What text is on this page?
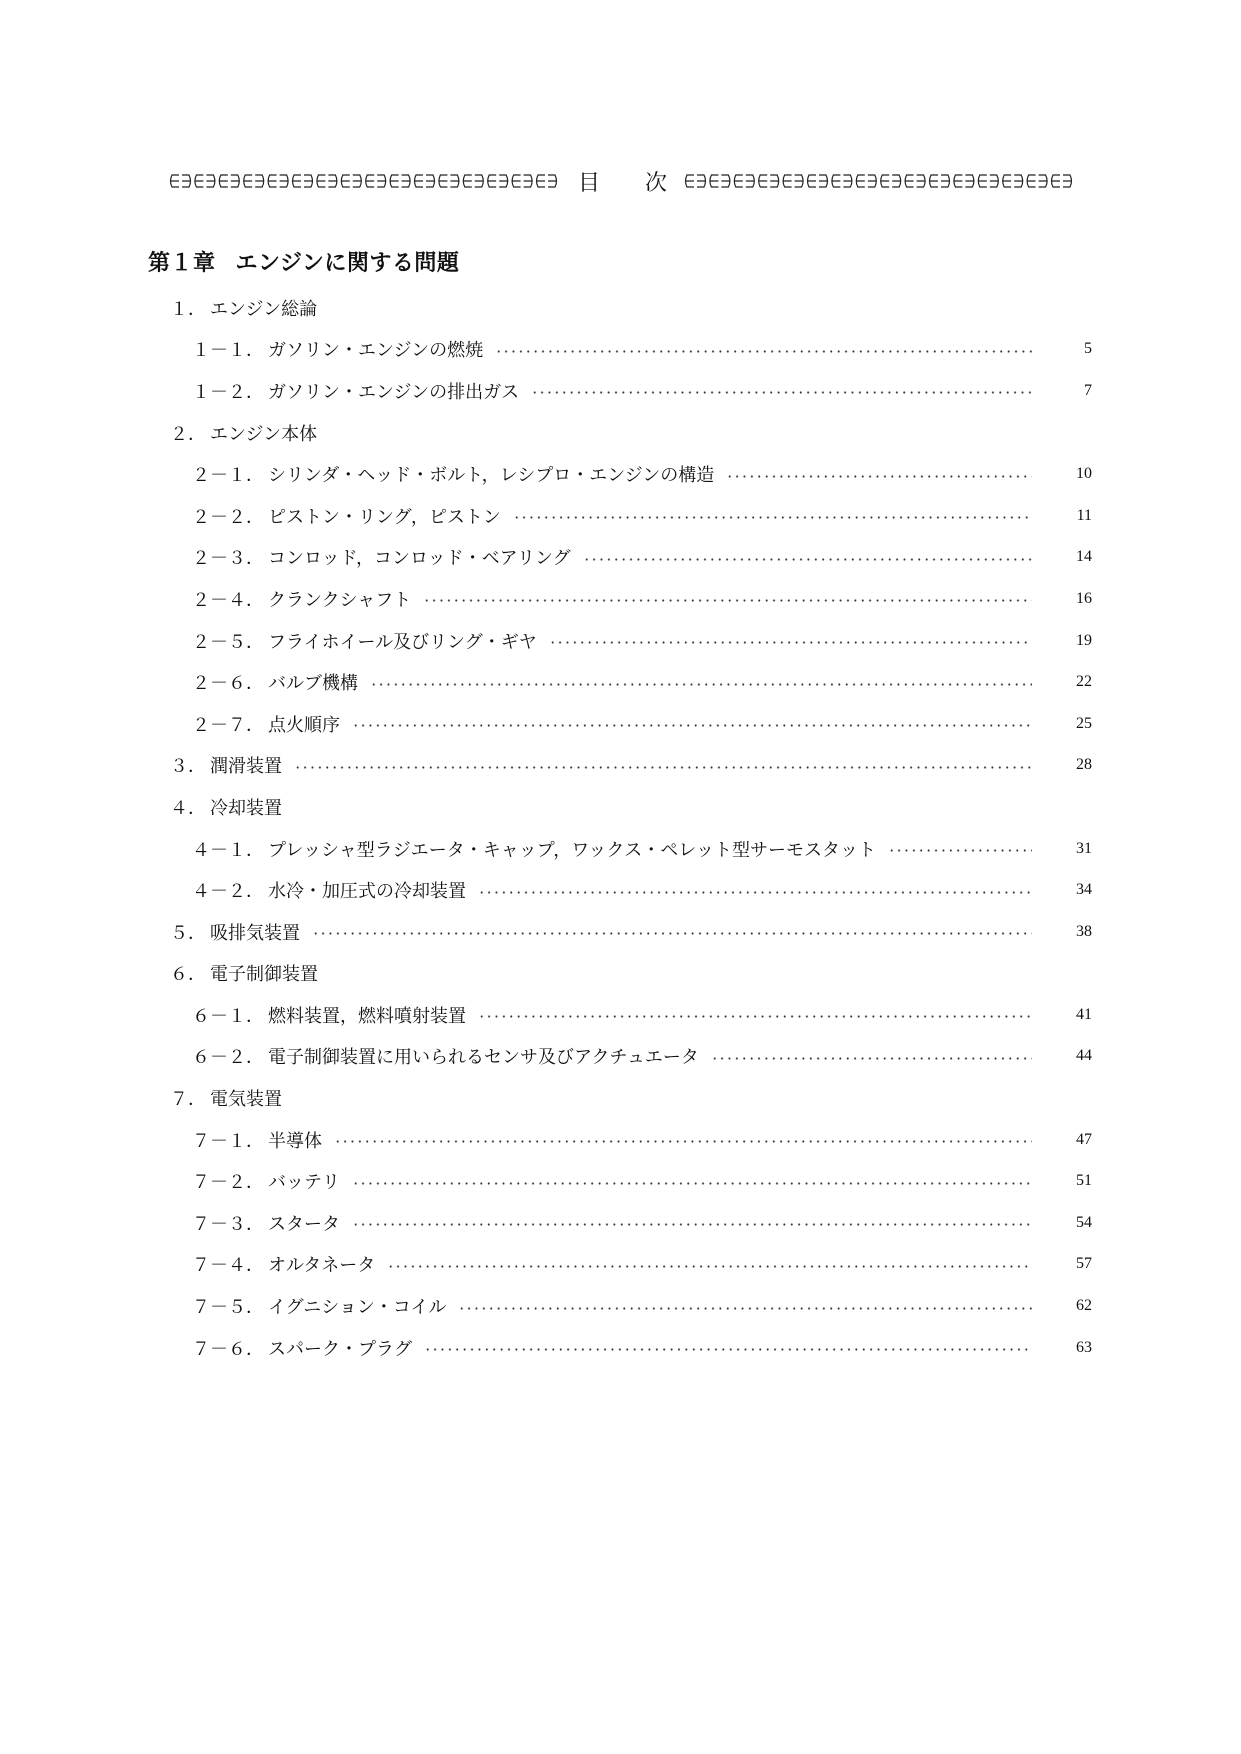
目 次
第１章 エンジンに関する問題
１． エンジン総論
１－１． ガソリン・エンジンの燃焼	5
１－２． ガソリン・エンジンの排出ガス	7
２． エンジン本体
２－１． シリンダ・ヘッド・ボルト，レシプロ・エンジンの構造	10
２－２． ピストン・リング，ピストン	11
２－３． コンロッド，コンロッド・ベアリング	14
２－４． クランクシャフト	16
２－５． フライホイール及びリング・ギヤ	19
２－６． バルブ機構	22
２－７． 点火順序	25
３． 潤滑装置	28
４． 冷却装置
４－１． プレッシャ型ラジエータ・キャップ，ワックス・ペレット型サーモスタット	31
４－２． 水冷・加圧式の冷却装置	34
５． 吸排気装置	38
６． 電子制御装置
６－１． 燃料装置，燃料噴射装置	41
６－２． 電子制御装置に用いられるセンサ及びアクチュエータ	44
７． 電気装置
７－１． 半導体	47
７－２． バッテリ	51
７－３． スタータ	54
７－４． オルタネータ	57
７－５． イグニション・コイル	62
７－６． スパーク・プラグ	63
